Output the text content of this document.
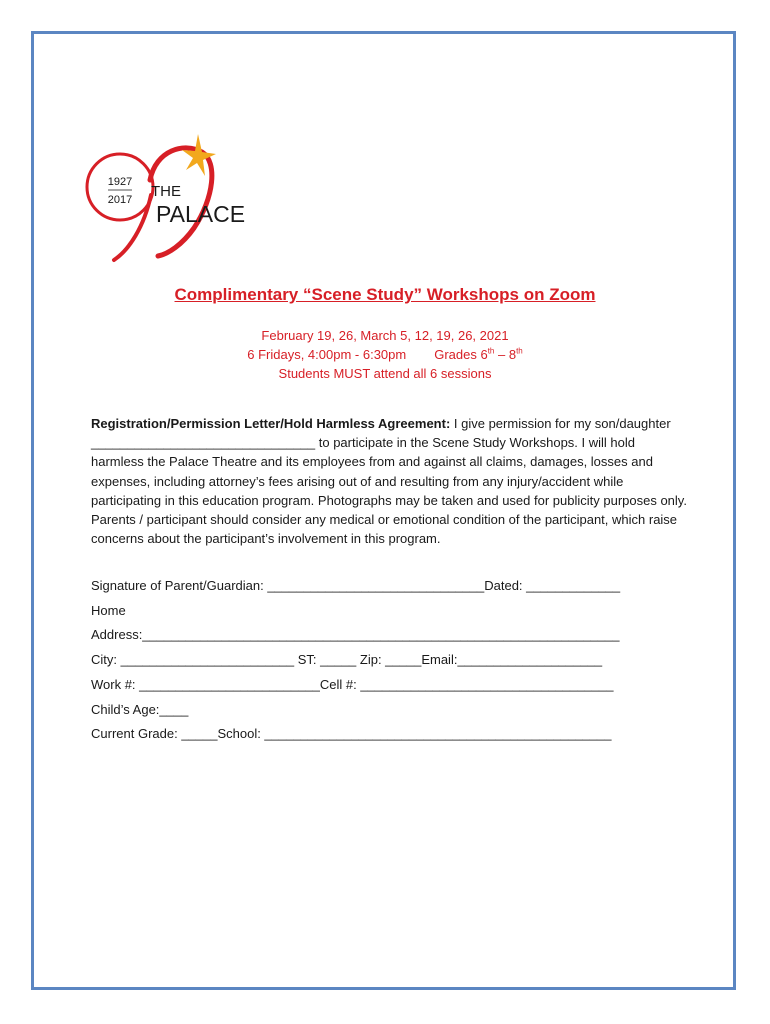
1927
2017 THE
PALACE
Complimentary “Scene Study” Workshops on Zoom
February 19, 26, March 5, 12, 19, 26, 2021
6 Fridays, 4:00pm - 6:30pm Grades 6th – 8th
Students MUST attend all 6 sessions
Registration/Permission Letter/Hold Harmless Agreement: I give permission for my son/daughter _______________________________ to participate in the Scene Study Workshops. I will hold harmless the Palace Theatre and its employees from and against all claims, damages, losses and expenses, including attorney’s fees arising out of and resulting from any injury/accident while participating in this education program. Photographs may be taken and used for publicity purposes only. Parents / participant should consider any medical or emotional condition of the participant, which raise concerns about the participant’s involvement in this program.
Signature of Parent/Guardian: ______________________________Dated: _____________
Home
Address:__________________________________________________________________
City: ________________________ ST: _____ Zip: _____Email:____________________
Work #: _________________________Cell #: ___________________________________
Child’s Age:____
Current Grade: _____School: ________________________________________________
